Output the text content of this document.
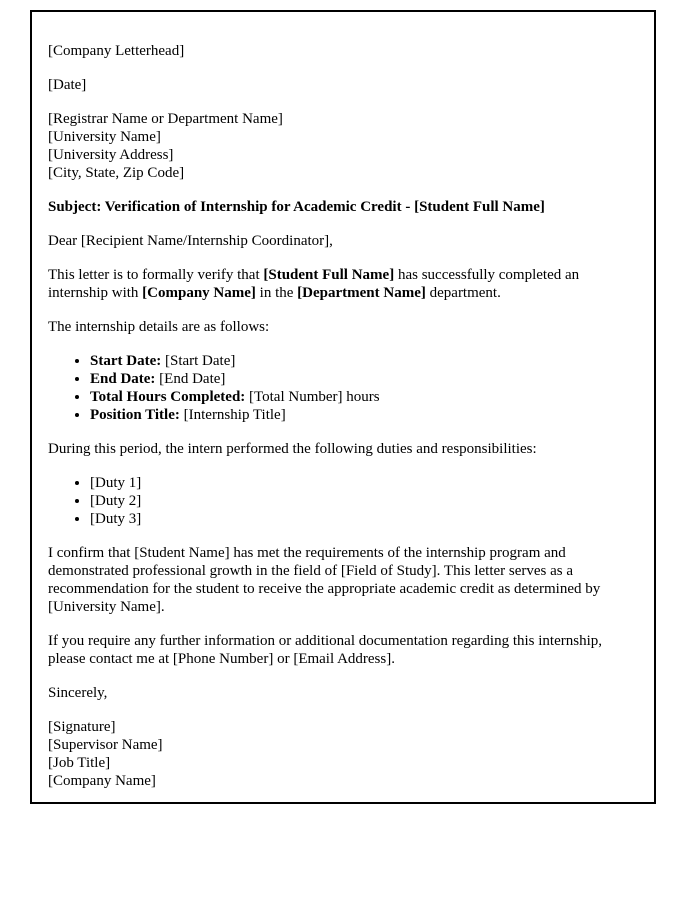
[Company Letterhead]

[Date]

[Registrar Name or Department Name]
[University Name]
[University Address]
[City, State, Zip Code]

Subject: Verification of Internship for Academic Credit - [Student Full Name]

Dear [Recipient Name/Internship Coordinator],

This letter is to formally verify that [Student Full Name] has successfully completed an internship with [Company Name] in the [Department Name] department.

The internship details are as follows:

• Start Date: [Start Date]
• End Date: [End Date]
• Total Hours Completed: [Total Number] hours
• Position Title: [Internship Title]

During this period, the intern performed the following duties and responsibilities:

• [Duty 1]
• [Duty 2]
• [Duty 3]

I confirm that [Student Name] has met the requirements of the internship program and demonstrated professional growth in the field of [Field of Study]. This letter serves as a recommendation for the student to receive the appropriate academic credit as determined by [University Name].

If you require any further information or additional documentation regarding this internship, please contact me at [Phone Number] or [Email Address].

Sincerely,

[Signature]
[Supervisor Name]
[Job Title]
[Company Name]
